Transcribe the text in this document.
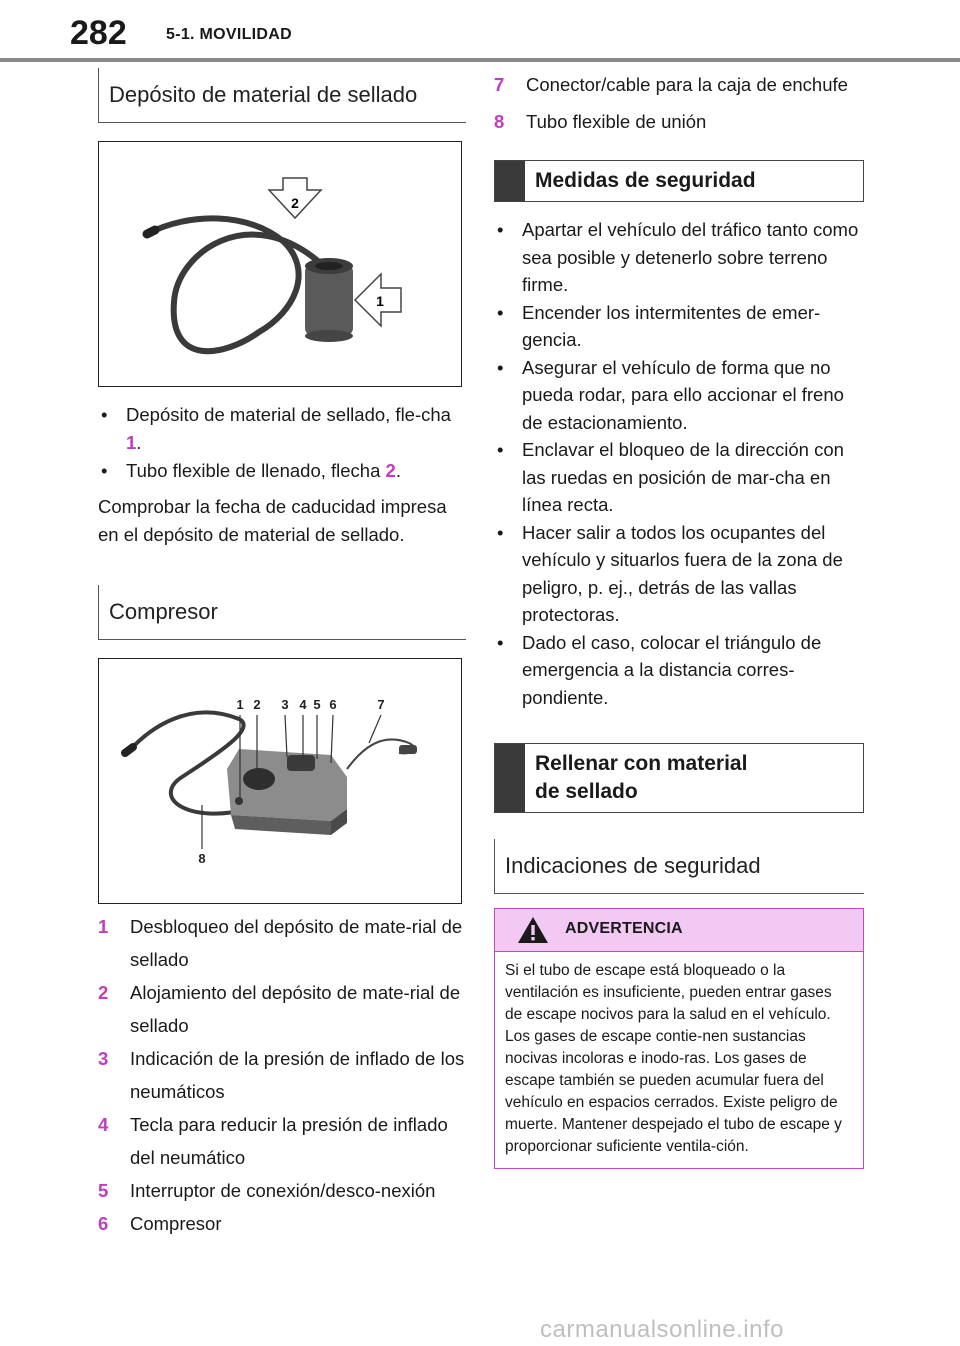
282 5-1. MOVILIDAD
Depósito de material de sellado
2
1
• Depósito de material de sellado, fle-cha 1.
• Tubo flexible de llenado, flecha 2.

Comprobar la fecha de caducidad impresa en el depósito de material de sellado.

Compresor
1 2 3 4 5 6	7
8
1	Desbloqueo del depósito de mate-rial de sellado
2	Alojamiento del depósito de mate-rial de sellado
3	Indicación de la presión de inflado de los neumáticos
4	Tecla para reducir la presión de inflado del neumático
5	Interruptor de conexión/desco-nexión
6	Compresor
7	Conector/cable para la caja de enchufe
8	Tubo flexible de unión
Medidas de seguridad
• Apartar el vehículo del tráfico tanto como sea posible y detenerlo sobre terreno firme.
• Encender los intermitentes de emer-gencia.
• Asegurar el vehículo de forma que no pueda rodar, para ello accionar el freno de estacionamiento.
• Enclavar el bloqueo de la dirección con las ruedas en posición de mar-cha en línea recta.
• Hacer salir a todos los ocupantes del vehículo y situarlos fuera de la zona de peligro, p. ej., detrás de las vallas protectoras.
• Dado el caso, colocar el triángulo de emergencia a la distancia corres-pondiente.
Rellenar con material de sellado
Indicaciones de seguridad
ADVERTENCIA
Si el tubo de escape está bloqueado o la ventilación es insuficiente, pueden entrar gases de escape nocivos para la salud en el vehículo. Los gases de escape contie-nen sustancias nocivas incoloras e inodo-ras. Los gases de escape también se pueden acumular fuera del vehículo en espacios cerrados. Existe peligro de muerte. Mantener despejado el tubo de escape y proporcionar suficiente ventila-ción.
carmanualsonline.info
